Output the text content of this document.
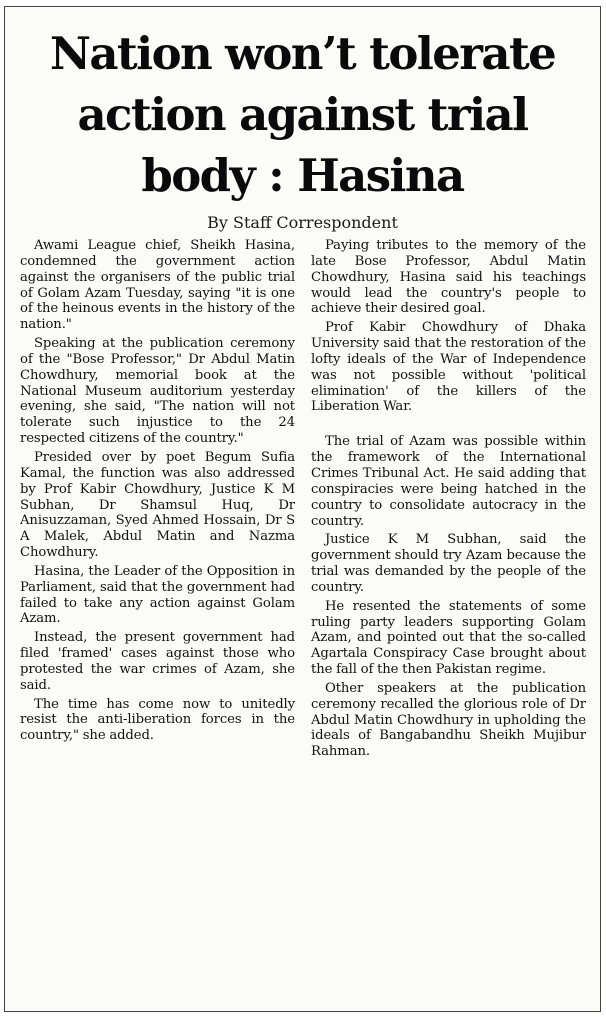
Nation won’t tolerate
action against trial
body : Hasina
By Staff Correspondent

Awami League chief, Sheikh Hasina, condemned the government action against the organisers of the public trial of Golam Azam Tuesday, saying "it is one of the heinous events in the history of the nation."

Speaking at the publication ceremony of the "Bose Professor," Dr Abdul Matin Chowdhury, memorial book at the National Museum auditorium yesterday evening, she said, "The nation will not tolerate such injustice to the 24 respected citizens of the country."

Presided over by poet Begum Sufia Kamal, the function was also addressed by Prof Kabir Chowdhury, Justice K M Subhan, Dr Shamsul Huq, Dr Anisuzzaman, Syed Ahmed Hossain, Dr S A Malek, Abdul Matin and Nazma Chowdhury.

Hasina, the Leader of the Opposition in Parliament, said that the government had failed to take any action against Golam Azam.

Instead, the present government had filed 'framed' cases against those who protested the war crimes of Azam, she said.

The time has come now to unitedly resist the anti-liberation forces in the country," she added.

Paying tributes to the memory of the late Bose Professor, Abdul Matin Chowdhury, Hasina said his teachings would lead the country's people to achieve their desired goal.

Prof Kabir Chowdhury of Dhaka University said that the restoration of the lofty ideals of the War of Independence was not possible without 'political elimination' of the killers of the Liberation War.

The trial of Azam was possible within the framework of the International Crimes Tribunal Act. He said adding that conspiracies were being hatched in the country to consolidate autocracy in the country.

Justice K M Subhan, said the government should try Azam because the trial was demanded by the people of the country.

He resented the statements of some ruling party leaders supporting Golam Azam, and pointed out that the so-called Agartala Conspiracy Case brought about the fall of the then Pakistan regime.

Other speakers at the publication ceremony recalled the glorious role of Dr Abdul Matin Chowdhury in upholding the ideals of Bangabandhu Sheikh Mujibur Rahman.
